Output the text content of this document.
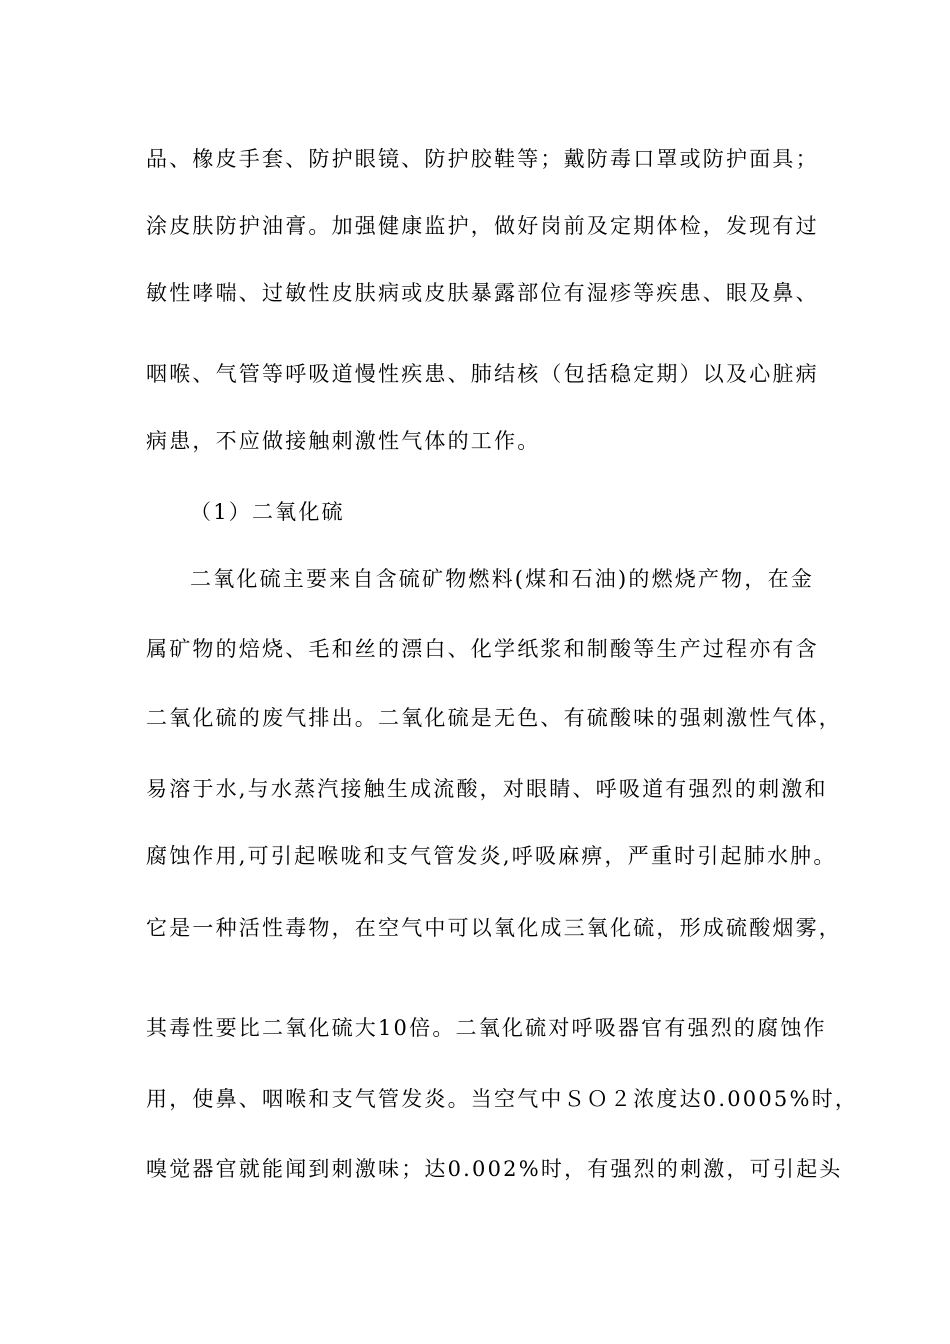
品、橡皮手套、防护眼镜、防护胶鞋等；戴防毒口罩或防护面具；
涂皮肤防护油膏。加强健康监护，做好岗前及定期体检，发现有过
敏性哮喘、过敏性皮肤病或皮肤暴露部位有湿疹等疾患、眼及鼻、
咽喉、气管等呼吸道慢性疾患、肺结核（包括稳定期）以及心脏病
病患，不应做接触刺激性气体的工作。
（1）二氧化硫
二氧化硫主要来自含硫矿物燃料(煤和石油)的燃烧产物，在金
属矿物的焙烧、毛和丝的漂白、化学纸浆和制酸等生产过程亦有含
二氧化硫的废气排出。二氧化硫是无色、有硫酸味的强刺激性气体，
易溶于水,与水蒸汽接触生成流酸，对眼睛、呼吸道有强烈的刺激和
腐蚀作用,可引起喉咙和支气管发炎,呼吸麻痹，严重时引起肺水肿。
它是一种活性毒物，在空气中可以氧化成三氧化硫，形成硫酸烟雾，
其毒性要比二氧化硫大10倍。二氧化硫对呼吸器官有强烈的腐蚀作
用，使鼻、咽喉和支气管发炎。当空气中ＳＯ２浓度达0.0005%时，
嗅觉器官就能闻到刺激味；达0.002%时，有强烈的刺激，可引起头
